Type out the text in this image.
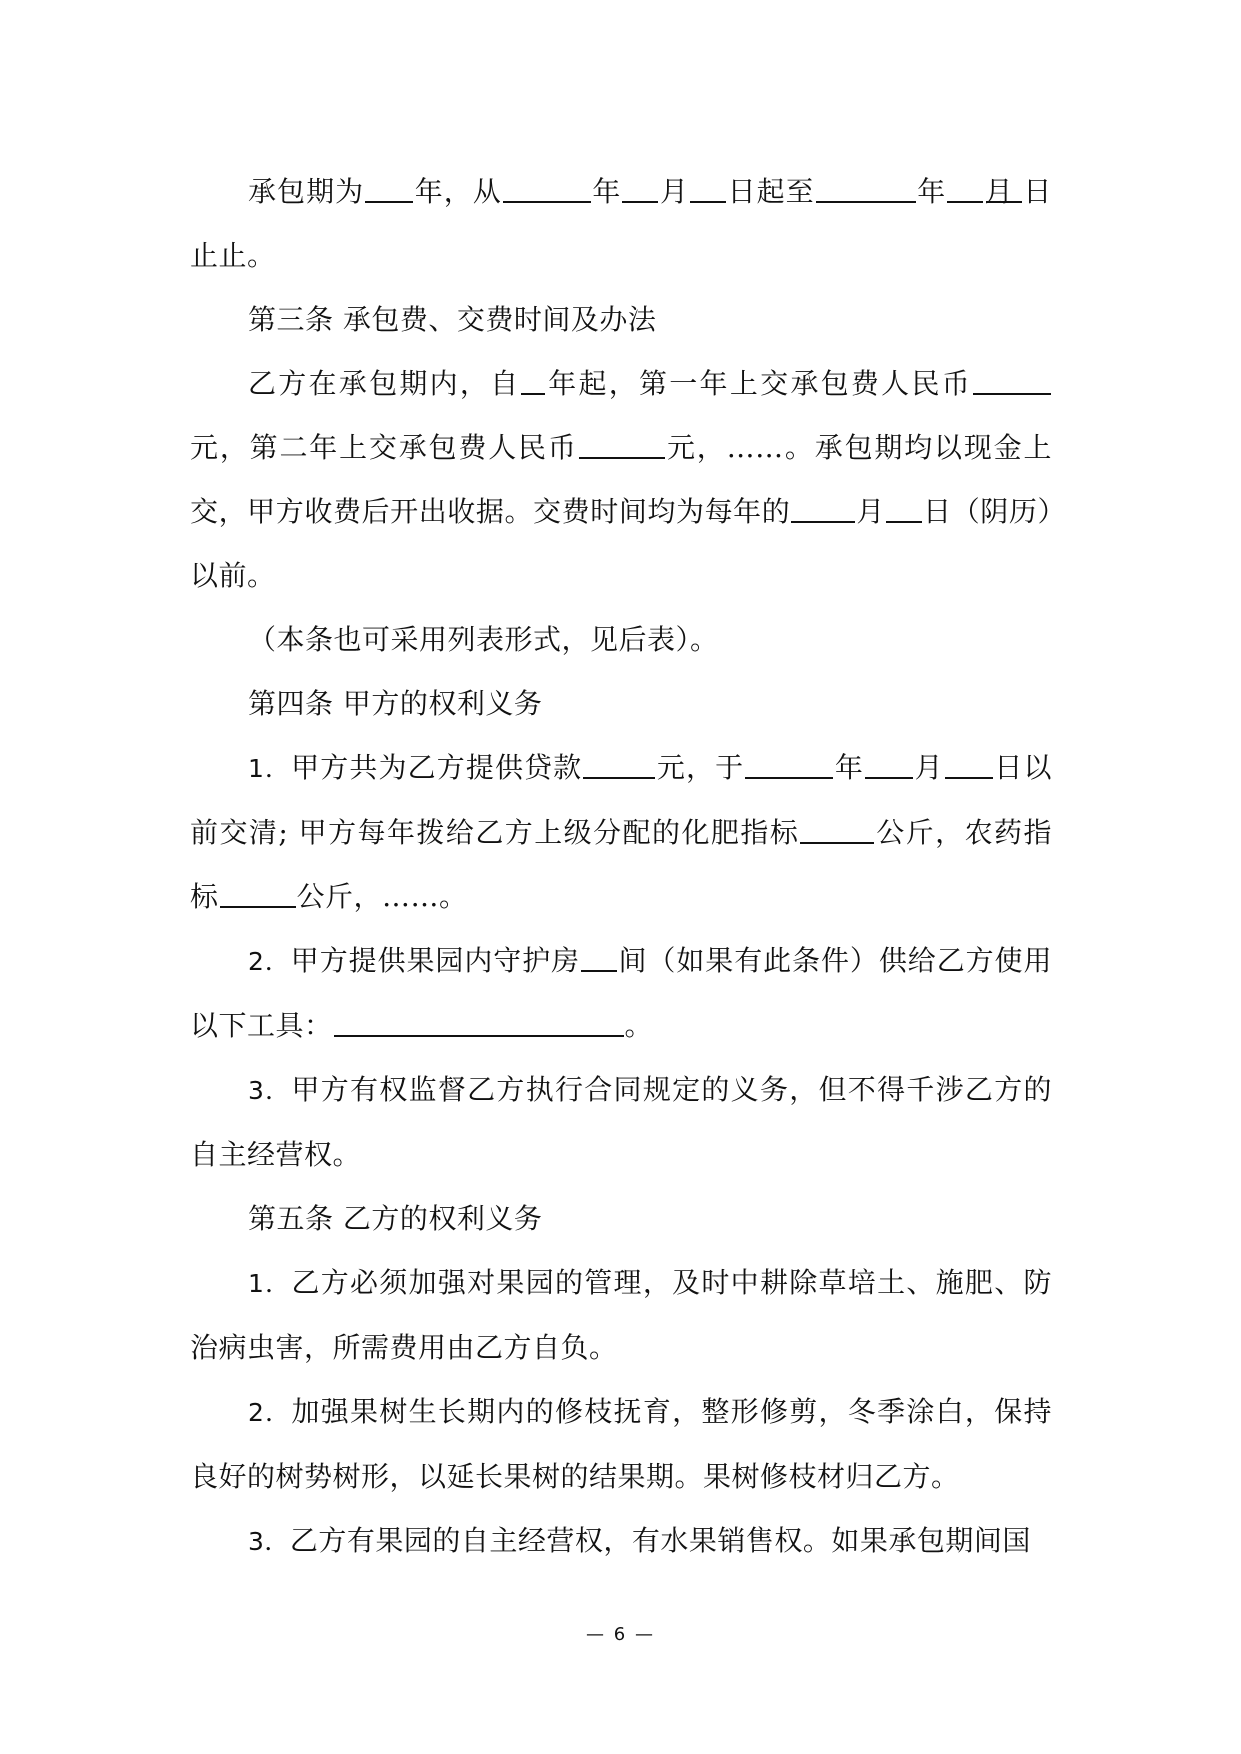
承包期为 年，从	年 月 日起至	年 月 日止止。

第三条 承包费、交费时间及办法

乙方在承包期内，自 年起，第一年上交承包费人民币元，第二年上交承包费人民币	元，……。承包期均以现金上交，甲方收费后开出收据。交费时间均为每年的 月 日（阴历）以前。

（本条也可采用列表形式，见后表）。

第四条 甲方的权利义务

1．甲方共为乙方提供贷款	元，于	年 月 日以前交清; 甲方每年拨给乙方上级分配的化肥指标	公斤，农药指标	公斤，……。

2．甲方提供果园内守护房 间（如果有此条件）供给乙方使用以下工具：	。

3．甲方有权监督乙方执行合同规定的义务，但不得千涉乙方的自主经营权。

第五条 乙方的权利义务

1．乙方必须加强对果园的管理，及时中耕除草培土、施肥、防治病虫害，所需费用由乙方自负。

2．加强果树生长期内的修枝抚育，整形修剪，冬季涂白，保持良好的树势树形，以延长果树的结果期。果树修枝材归乙方。

3．乙方有果园的自主经营权，有水果销售权。如果承包期间国

— 6 —
